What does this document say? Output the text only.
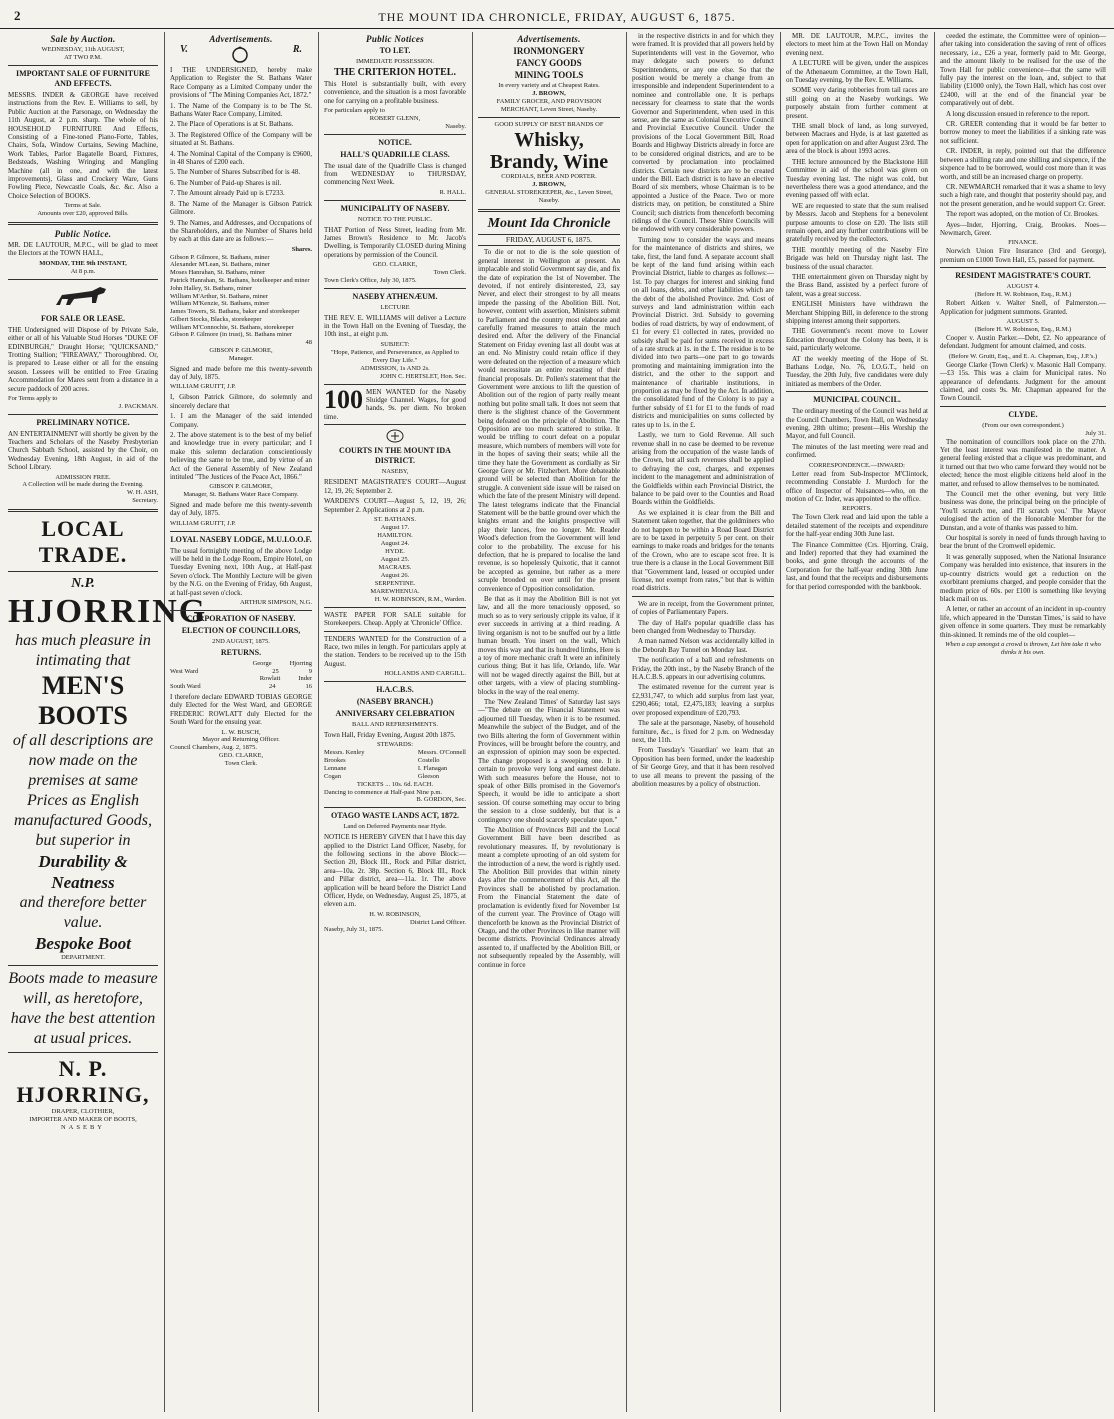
2	THE MOUNT IDA CHRONICLE, FRIDAY, AUGUST 6, 1875.
Sale by Auction.
WEDNESDAY, 11th AUGUST,
AT TWO P.M.
IMPORTANT SALE OF FURNITURE AND EFFECTS.
MESSRS. INDER & GEORGE have received instructions from the Rev. E. Williams to sell, by Public Auction at the Parsonage, on Wednesday the 11th August, at 2 p.m. sharp. The whole of his HOUSEHOLD FURNITURE And Effects, Consisting of a Fine-toned Piano-Forte, Tables, Chairs, Sofa, Window Curtains, Sewing Machine, Work Tables, Parlor Bagatelle Board, Fixtures, Bedsteads, Washing Wringing and Mangling Machine (all in one, and with the latest improvements), Glass and Crockery Ware, Guns Fowling Piece, Newcastle Coals, &c. &c. Also a Choice Selection of BOOKS.
Terms at Sale.
Amounts over £20, approved Bills.
Public Notice.
MR. DE LAUTOUR, M.P.C., will be glad to meet the Electors at the TOWN HALL,
MONDAY, THE 9th INSTANT,
At 8 p.m.
FOR SALE OR LEASE.
THE Undersigned will Dispose of by Private Sale, either or all of his Valuable Stud Horses "DUKE OF EDINBURGH," Draught Horse; "QUICKSAND," Trotting Stallion; "FIREAWAY," Thoroughbred. Or, is prepared to Lease either or all for the ensuing season. Lessees will be entitled to Free Grazing Accommodation for Mares sent from a distance in a secure paddock of 200 acres.
For Terms apply to
J. PACKMAN.
PRELIMINARY NOTICE.
AN ENTERTAINMENT will shortly be given by the Teachers and Scholars of the Naseby Presbyterian Church Sabbath School, assisted by the Choir, on Wednesday Evening, 18th August, in aid of the School Library.
ADMISSION FREE.
A Collection will be made during the Evening.
W. H. ASH,
Secretary.
LOCAL TRADE.
N.P.
HJORRING
has much pleasure in intimating that
MEN'S BOOTS
of all descriptions are now made on the premises at same Prices as English manufactured Goods, but superior in
Durability & Neatness
and therefore better value.
Bespoke Boot
DEPARTMENT.
Boots made to measure will, as heretofore, have the best attention at usual prices.
N. P. HJORRING,
DRAPER, CLOTHIER,
IMPORTER AND MAKER OF BOOTS,
NASEBY
Advertisements.
V.	R.
I THE UNDERSIGNED, hereby make Application to Register the St. Bathans Water Race Company as a Limited Company under the provisions of "The Mining Companies Act, 1872."
1. The Name of the Company is to be The St. Bathans Water Race Company, Limited.
2. The Place of Operations is at St. Bathans.
3. The Registered Office of the Company will be situated at St. Bathans.
4. The Nominal Capital of the Company is £9600, in 48 Shares of £200 each.
5. The Number of Shares Subscribed for is 48.
6. The Number of Paid-up Shares is nil.
7. The Amount already Paid up is £7233.
8. The Name of the Manager is Gibson Patrick Gilmore.
9. The Names, and Addresses, and Occupations of the Shareholders, and the Number of Shares held by each at this date are as follows:—
Shares.
Gibson P. Gilmore, St. Bathans, miner
Alexander M'Lean, St. Bathans, miner
Moses Hanrahan, St. Bathans, miner
Patrick Hanrahan, St. Bathans, hotelkeeper and miner
John Halley, St. Bathans, miner
William M'Arthur, St. Bathans, miner
William M'Kenzie, St. Bathans, miner
James Towers, St. Bathans, baker and storekeeper
Gilbert Stocks, Blacks, storekeeper
William M'Connochie, St. Bathans, storekeeper
Gibson P. Gilmore (in trust), St. Bathans miner
48
GIBSON P. GILMORE,
Manager.
Signed and made before me this twenty-seventh day of July, 1875.
WILLIAM GRUITT, J.P.
I, Gibson Patrick Gilmore, do solemnly and sincerely declare that
1. I am the Manager of the said intended Company.
2. The above statement is to the best of my belief and knowledge true in every particular; and I make this solemn declaration conscientiously believing the same to be true, and by virtue of an Act of the General Assembly of New Zealand intituled "The Justices of the Peace Act, 1866."
GIBSON P. GILMORE,
Manager, St. Bathans Water Race Company.
Signed and made before me this twenty-seventh day of July, 1875.
WILLIAM GRUITT, J.P.
LOYAL NASEBY LODGE, M.U.I.O.O.F.
The usual fortnightly meeting of the above Lodge will be held in the Lodge Room, Empire Hotel, on Tuesday Evening next, 10th Aug., at Half-past Seven o'clock. The Monthly Lecture will be given by the N.G. on the Evening of Friday, 6th August, at half-past seven o'clock.
ARTHUR SIMPSON, N.G.
CORPORATION OF NASEBY.
ELECTION OF COUNCILLORS,
2ND AUGUST, 1875.
RETURNS.
George	Hjorring
West Ward	25	9
Rowlatt	Inder
South Ward	24	16
I therefore declare EDWARD TOBIAS GEORGE duly Elected for the West Ward, and GEORGE FREDERIC ROWLATT duly Elected for the South Ward for the ensuing year.
L. W. BUSCH,
Mayor and Returning Officer.
Council Chambers, Aug. 2, 1875.
GEO. CLARKE,
Town Clerk.
Public Notices
TO LET.
IMMEDIATE POSSESSION.
THE CRITERION HOTEL.
This Hotel is substantially built, with every convenience, and the situation is a most favorable one for carrying on a profitable business.
For particulars apply to
ROBERT GLENN,
Naseby.
NOTICE.
HALL'S QUADRILLE CLASS.
The usual date of the Quadrille Class is changed from WEDNESDAY to THURSDAY, commencing Next Week.
R. HALL.
MUNICIPALITY OF NASEBY.
NOTICE TO THE PUBLIC.
THAT Portion of Ness Street, leading from Mr. James Brown's Residence to Mr. Jacob's Dwelling, is Temporarily CLOSED during Mining operations by permission of the Council.
GEO. CLARKE,
Town Clerk.
Town Clerk's Office, July 30, 1875.
NASEBY ATHENÆUM.
LECTURE
THE REV. E. WILLIAMS will deliver a Lecture in the Town Hall on the Evening of Tuesday, the 10th inst., at eight p.m.
SUBJECT:
"Hope, Patience, and Perseverance, as Applied to Every Day Life."
ADMISSION, 1s AND 2s.
JOHN C. HERTSLET, Hon. Sec.
100 MEN WANTED for the Naseby Sluidge Channel. Wages, for good hands, 9s. per diem. No broken time.
COURTS IN THE MOUNT IDA DISTRICT.
NASEBY,
RESIDENT MAGISTRATE'S COURT—August 12, 19, 26; September 2.
WARDEN'S COURT—August 5, 12, 19, 26; September 2. Applications at 2 p.m.
ST. BATHANS.
August 17.
HAMILTON.
August 24.
HYDE.
August 25.
MACRAES.
August 26.
SERPENTINE.
MAREWHENUA.
H. W. ROBINSON, R.M., Warden.
WASTE PAPER FOR SALE suitable for Storekeepers. Cheap. Apply at 'Chronicle' Office.
TENDERS WANTED for the Construction of a Race, two miles in length. For particulars apply at the station. Tenders to be received up to the 15th August.
HOLLANDS AND CARGILL.
H.A.C.B.S.
(NASEBY BRANCH.)
ANNIVERSARY CELEBRATION
BALL AND REFRESHMENTS.
Town Hall, Friday Evening, August 20th 1875.
STEWARDS:
Messrs. Kenley
Brookes
Lennane
Cogan
Messrs. O'Connell
Costello
I. Flanagan
Gleeson
TICKETS ... 10s. 6d. EACH.
Dancing to commence at Half-past Nine p.m.
B. GORDON, Sec.
OTAGO WASTE LANDS ACT, 1872.
Land on Deferred Payments near Hyde.
NOTICE IS HEREBY GIVEN that I have this day applied to the District Land Officer, Naseby, for the following sections in the above Block:— Section 20, Block III., Rock and Pillar district, area—10a. 2r. 38p. Section 6, Block III., Rock and Pillar district, area—11a. 1r. The above application will be heard before the District Land Officer, Hyde, on Wednesday, August 25, 1875, at eleven a.m.
H. W. ROBINSON,
District Land Officer.
Naseby, July 31, 1875.
Advertisements.
IRONMONGERY
FANCY GOODS
MINING TOOLS
In every variety and at Cheapest Rates.
J. BROWN,
FAMILY GROCER, AND PROVISION MERCHANT, Leven Street, Naseby.
GOOD SUPPLY OF BEST BRANDS OF
Whisky, Brandy, Wine
CORDIALS, BEER AND PORTER.
J. BROWN,
GENERAL STOREKEEPER, &c., Leven Street, Naseby.
Mount Ida Chronicle
FRIDAY, AUGUST 6, 1875.

To die or not to die is the sole question of general interest in Wellington at present. An implacable and stolid Government say die, and fix the date of expiration the 1st of November. The devoted, if not entirely disinterested, 23, say Never, and elect their strongest to by all means impede the passing of the Abolition Bill. Not, however, content with assertion, Ministers submit to Parliament and the country most elaborate and carefully framed measures to attain the much desired end. After the delivery of the Financial Statement on Friday evening last all doubt was at an end. No Ministry could retain office if they were defeated on the rejection of a measure which would necessitate an entire recasting of their financial proposals. Dr. Pollen's statement that the Government were anxious to lift the question of Abolition out of the region of party really meant nothing but polite small talk. It does not seem that there is the slightest chance of the Government being defeated on the principle of Abolition. The Opposition are too much scattered to strike. It would be trifling to court defeat on a popular measure, which numbers of members will vote for in the hopes of saving their seats; while all the time they hate the Government as cordially as Sir George Grey or Mr. Fitzherbert. More debateable ground will be selected than Abolition for the struggle. A convenient side issue will be raised on which the fate of the present Ministry will depend. The latest telegrams indicate that the Financial Statement will be the battle ground over which the knights errant and the knights prospective will play their lances, free no longer. Mr. Reader Wood's defection from the Government will lend color to the probability. The excuse for his defection, that he is prepared to localise the land revenue, is so hopelessly Quixotic, that it cannot be accepted as genuine, but rather as a mere scruple brooded on over until for the present convenience of Opposition consolidation.

Be that as it may the Abolition Bill is not yet law, and all the more tenaciously opposed, so much so as to very seriously cripple its value, if it ever succeeds in arriving at a third reading. A living organism is not to be snuffed out by a little human breath. You insert on the wall, Which moves this way and that its hundred limbs, Here is a toy of more mechanic craft It were an infinitely curious thing; But it has life, Orlando, life. War will not be waged directly against the Bill, but at other targets, with a view of placing stumbling-blocks in the way of the real enemy.

The 'New Zealand Times' of Saturday last says—"The debate on the Financial Statement was adjourned till Tuesday, when it is to be resumed. Meanwhile the subject of the Budget, and of the two Bills altering the form of Government within Provinces, will be brought before the country, and an expression of opinion may soon be expected. The change proposed is a sweeping one. It is certain to provoke very long and earnest debate. With such measures before the House, not to speak of other Bills promised in the Governor's Speech, it would be idle to anticipate a short session. Of course something may occur to bring the session to a close suddenly, but that is a contingency one should scarcely speculate upon."

The Abolition of Provinces Bill and the Local Government Bill have been described as revolutionary measures. If, by revolutionary is meant a complete uprooting of an old system for the introduction of a new, the word is rightly used. The Abolition Bill provides that within ninety days after the commencement of this Act, all the Provinces shall be abolished by proclamation. From the Financial Statement the date of proclamation is evidently fixed for November 1st of the current year. The Province of Otago will thenceforth be known as the Provincial District of Otago, and the other Provinces in like manner will become districts. Provincial Ordinances already assented to, if unaffected by the Abolition Bill, or not subsequently repealed by the Assembly, will continue in force

in the respective districts in and for which they were framed. It is provided that all powers held by Superintendents will vest in the Governor, who may delegate such powers to defunct Superintendents, or any one else. So that the position would be merely a change from an irresponsible and independent Superintendent to a nominee and controllable one. It is perhaps necessary for clearness to state that the words Governor and Superintendent, when used in this sense, are the same as Colonial Executive Council and Provincial Executive Council. Under the provisions of the Local Government Bill, Road Boards and Highway Districts already in force are to be considered original districts, and are to be converted by proclamation into proclaimed districts. Certain new districts are to be created under the Bill. Each district is to have an elective Board of six members, whose Chairman is to be appointed a Justice of the Peace. Two or more districts may, on petition, be constituted a Shire Council; such districts from thenceforth becoming ridings of the Council. These Shire Councils will be endowed with very considerable powers.

Turning now to consider the ways and means for the maintenance of districts and shires, we take, first, the land fund. A separate account shall be kept of the land fund arising within each Provincial District, liable to charges as follows:—1st. To pay charges for interest and sinking fund on all loans, debts, and other liabilities which are the debt of the abolished Province. 2nd. Cost of surveys and land administration within each Provincial District. 3rd. Subsidy to governing bodies of road districts, by way of endowment, of £1 for every £1 collected in rates, provided no subsidy shall be paid for sums received in excess of a rate struck at 1s. in the £. The residue is to be divided into two parts—one part to go towards promoting and maintaining immigration into the district, and the other to the support and maintenance of charitable institutions, in proportion as may be fixed by the Act. In addition, the consolidated fund of the Colony is to pay a further subsidy of £1 for £1 to the funds of road districts and municipalities on sums collected by rates up to 1s. in the £.

Lastly, we turn to Gold Revenue. All such revenue shall in no case be deemed to be revenue arising from the occupation of the waste lands of the Crown, but all such revenues shall be applied to defraying the cost, charges, and expenses incident to the management and administration of the Goldfields within each Provincial District, the balance to be paid over to the Counties and Road Boards within the Goldfields.

As we explained it is clear from the Bill and Statement taken together, that the goldminers who do not happen to be within a Road Board District are to be taxed in perpetuity 5 per cent. on their earnings to make roads and bridges for the tenants of the Crown, who are to escape scot free. It is true there is a clause in the Local Government Bill that "Government land, leased or occupied under license, not exempt from rates," but that is within road districts.

We are in receipt, from the Government printer, of copies of Parliamentary Papers.

The day of Hall's popular quadrille class has been changed from Wednesday to Thursday.

A man named Nelson was accidentally killed in the Deborah Bay Tunnel on Monday last.

The notification of a ball and refreshments on Friday, the 20th inst., by the Naseby Branch of the H.A.C.B.S. appears in our advertising columns.

The estimated revenue for the current year is £2,931,747, to which add surplus from last year, £290,466; total, £2,475,183; leaving a surplus over proposed expenditure of £20,793.

The sale at the parsonage, Naseby, of household furniture, &c., is fixed for 2 p.m. on Wednesday next, the 11th.

From Tuesday's 'Guardian' we learn that an Opposition has been formed, under the leadership of Sir George Grey, and that it has been resolved to use all means to prevent the passing of the abolition measures by a policy of obstruction.

MR. DE LAUTOUR, M.P.C., invites the electors to meet him at the Town Hall on Monday evening next.

A LECTURE will be given, under the auspices of the Athenaeum Committee, at the Town Hall, on Tuesday evening, by the Rev. E. Williams.

SOME very daring robberies from tail races are still going on at the Naseby workings. We purposely abstain from further comment at present.

THE small block of land, as long surveyed, between Macraes and Hyde, is at last gazetted as open for application on and after August 23rd. The area of the block is about 1993 acres.

THE lecture announced by the Blackstone Hill Committee in aid of the school was given on Tuesday evening last. The night was cold, but nevertheless there was a good attendance, and the evening passed off with eclat.

WE are requested to state that the sum realised by Messrs. Jacob and Stephens for a benevolent purpose amounts to close on £20. The lists still remain open, and any further contributions will be gratefully received by the collectors.

THE monthly meeting of the Naseby Fire Brigade was held on Thursday night last. The business of the usual character.

THE entertainment given on Thursday night by the Brass Band, assisted by a perfect furore of talent, was a great success.

ENGLISH Ministers have withdrawn the Merchant Shipping Bill, in deference to the strong shipping interest among their supporters.

THE Government's recent move to Lower Education throughout the Colony has been, it is said, particularly welcome.

AT the weekly meeting of the Hope of St. Bathans Lodge, No. 76, I.O.G.T., held on Tuesday, the 20th July, five candidates were duly initiated as members of the Order.

MUNICIPAL COUNCIL.

The ordinary meeting of the Council was held at the Council Chambers, Town Hall, on Wednesday evening, 28th ultimo; present—His Worship the Mayor, and full Council.

The minutes of the last meeting were read and confirmed.

CORRESPONDENCE.—INWARD:

Letter read from Sub-Inspector M'Clintock, recommending Constable J. Murdoch for the office of Inspector of Nuisances—who, on the motion of Cr. Inder, was appointed to the office.

REPORTS.

The Town Clerk read and laid upon the table a detailed statement of the receipts and expenditure for the half-year ending 30th June last.

The Finance Committee (Crs. Hjorring, Craig, and Inder) reported that they had examined the books, and gone through the accounts of the Corporation for the half-year ending 30th June last, and found that the receipts and disbursements for that period corresponded with the bankbook.

ceeded the estimate, the Committee were of opinion—after taking into consideration the saving of rent of offices necessary, i.e., £26 a year, formerly paid to Mr. George, and the amount likely to be realised for the use of the Town Hall for public convenience—that the same will fully pay the interest on the loan, and, subject to that liability (£1000 only), the Town Hall, which has cost over £2400, will at the end of the financial year be comparatively out of debt.

A long discussion ensued in reference to the report.

CR. GREER contending that it would be far better to borrow money to meet the liabilities if a sinking rate was not sufficient.

CR. INDER, in reply, pointed out that the difference between a shilling rate and one shilling and sixpence, if the sixpence had to be borrowed, would cost more than it was worth, and still be an increased charge on property.

CR. NEWMARCH remarked that it was a shame to levy such a high rate, and thought that posterity should pay, and not the present generation, and he would support Cr. Greer.

The report was adopted, on the motion of Cr. Brookes.

Ayes—Inder, Hjorring, Craig, Brookes. Noes—Newmarch, Greer.

FINANCE.

Norwich Union Fire Insurance (3rd and George), premium on £1000 Town Hall, £5, passed for payment.

RESIDENT MAGISTRATE'S COURT.
AUGUST 4.
(Before H. W. Robinson, Esq., R.M.)

Robert Aitken v. Walter Snell, of Palmerston.—Application for judgment summons. Granted.

AUGUST 5.
(Before H. W. Robinson, Esq., R.M.)

Cooper v. Austin Parker.—Debt, £2. No appearance of defendant. Judgment for amount claimed, and costs.

(Before W. Gruitt, Esq., and E. A. Chapman, Esq., J.P.'s.)

George Clarke (Town Clerk) v. Masonic Hall Company.—£3 15s. This was a claim for Municipal rates. No appearance of defendants. Judgment for the amount claimed, and costs 9s. Mr. Chapman appeared for the Town Council.

CLYDE.
(From our own correspondent.)
July 31.

The nomination of councillors took place on the 27th. Yet the least interest was manifested in the matter. A general feeling existed that a clique was predominant, and it turned out that two who came forward they would not be elected; hence the most eligible citizens held aloof in the matter, and refused to allow themselves to be nominated.

The Council met the other evening, but very little business was done, the principal being on the principle of 'You'll scratch me, and I'll scratch you.' The Mayor eulogised the action of the Honorable Member for the Dunstan, and a vote of thanks was passed to him.

Our hospital is sorely in need of funds through having to bear the brunt of the Cromwell epidemic.

It was generally supposed, when the National Insurance Company was heralded into existence, that insurers in the up-country districts would get a reduction on the exorbitant premiums charged, and people consider that the medium price of 60s. per £100 is something like levying black mail on us.

A letter, or rather an account of an incident in up-country life, which appeared in the 'Dunstan Times,' is said to have given offence in some quarters. They must be remarkably thin-skinned. It reminds me of the old couplet—

When a cap amongst a crowd is thrown, Let him take it who thinks it his own.
